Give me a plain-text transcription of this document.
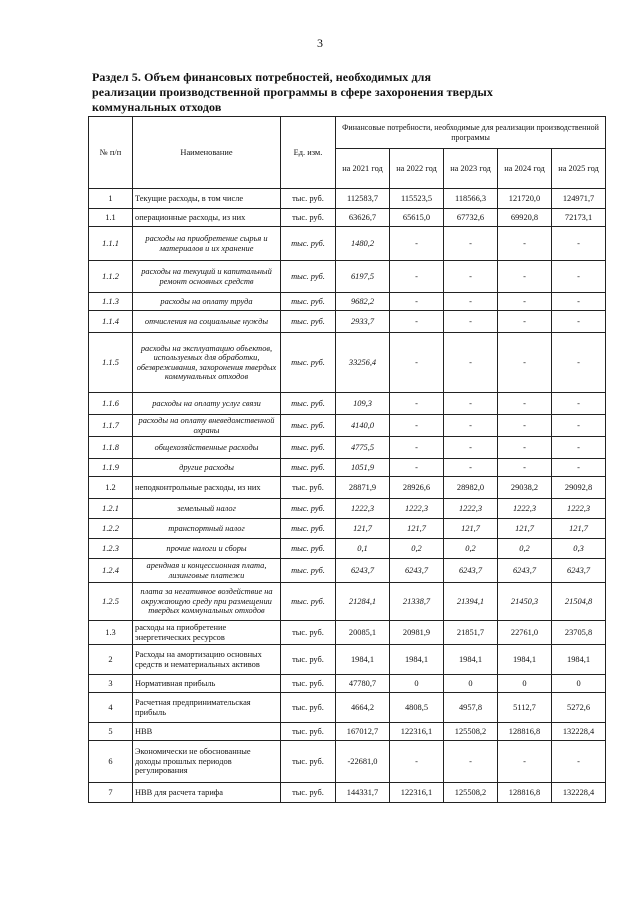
3
Раздел 5. Объем финансовых потребностей, необходимых для
реализации производственной программы в сфере захоронения твердых
коммунальных отходов
№ п/п	Наименование	Ед. изм.	Финансовые потребности, необходимые для реализации производственной программы				
			на 2021 год	на 2022 год	на 2023 год	на 2024 год	на 2025 год
1	Текущие расходы, в том числе	тыс. руб.	112583,7	115523,5	118566,3	121720,0	124971,7
1.1	операционные расходы, из них	тыс. руб.	63626,7	65615,0	67732,6	69920,8	72173,1
1.1.1	расходы на приобретение сырья и материалов и их хранение	тыс. руб.	1480,2	-	-	-	-
1.1.2	расходы на текущий и капитальный ремонт основных средств	тыс. руб.	6197,5	-	-	-	-
1.1.3	расходы на оплату труда	тыс. руб.	9682,2	-	-	-	-
1.1.4	отчисления на социальные нужды	тыс. руб.	2933,7	-	-	-	-
1.1.5	расходы на эксплуатацию объектов, используемых для обработки, обезвреживания, захоронения твердых коммунальных отходов	тыс. руб.	33256,4	-	-	-	-
1.1.6	расходы на оплату услуг связи	тыс. руб.	109,3	-	-	-	-
1.1.7	расходы на оплату вневедомственной охраны	тыс. руб.	4140,0	-	-	-	-
1.1.8	общехозяйственные расходы	тыс. руб.	4775,5	-	-	-	-
1.1.9	другие расходы	тыс. руб.	1051,9	-	-	-	-
1.2	неподконтрольные расходы, из них	тыс. руб.	28871,9	28926,6	28982,0	29038,2	29092,8
1.2.1	земельный налог	тыс. руб.	1222,3	1222,3	1222,3	1222,3	1222,3
1.2.2	транспортный налог	тыс. руб.	121,7	121,7	121,7	121,7	121,7
1.2.3	прочие налоги и сборы	тыс. руб.	0,1	0,2	0,2	0,2	0,3
1.2.4	арендная и концессионная плата, лизинговые платежи	тыс. руб.	6243,7	6243,7	6243,7	6243,7	6243,7
1.2.5	плата за негативное воздействие на окружающую среду при размещении твердых коммунальных отходов	тыс. руб.	21284,1	21338,7	21394,1	21450,3	21504,8
1.3	расходы на приобретение энергетических ресурсов	тыс. руб.	20085,1	20981,9	21851,7	22761,0	23705,8
2	Расходы на амортизацию основных средств и нематериальных активов	тыс. руб.	1984,1	1984,1	1984,1	1984,1	1984,1
3	Нормативная прибыль	тыс. руб.	47780,7	0	0	0	0
4	Расчетная предпринимательская прибыль	тыс. руб.	4664,2	4808,5	4957,8	5112,7	5272,6
5	НВВ	тыс. руб.	167012,7	122316,1	125508,2	128816,8	132228,4
6	Экономически не обоснованные доходы прошлых периодов регулирования	тыс. руб.	-22681,0	-	-	-	-
7	НВВ для расчета тарифа	тыс. руб.	144331,7	122316,1	125508,2	128816,8	132228,4
